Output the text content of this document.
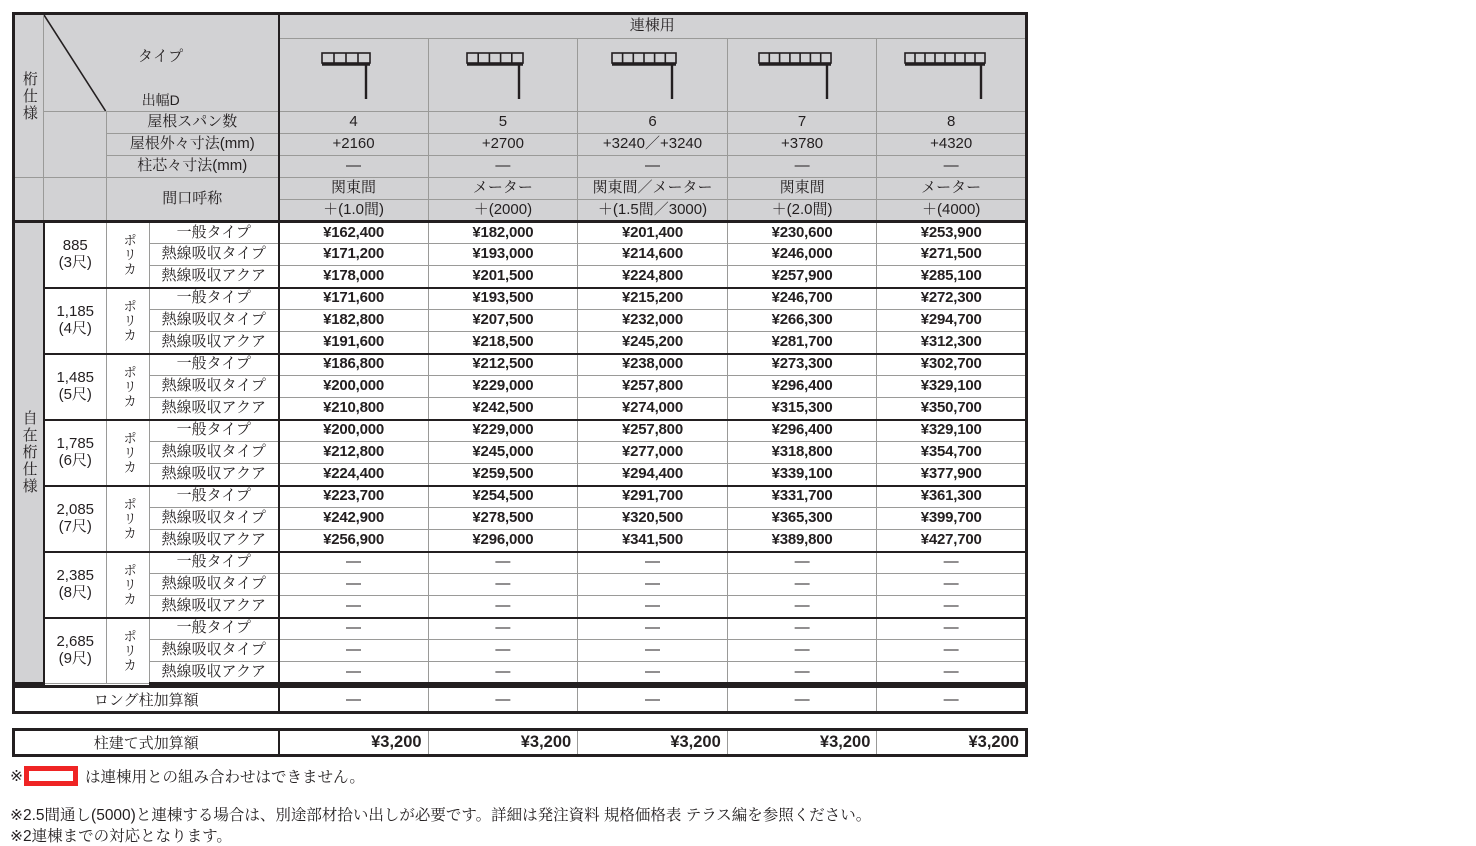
桁仕様	タイプ
出幅D			連棟用				

		屋根スパン数		4	5	6	7	8
		屋根外々寸法(mm)		+2160	+2700	+3240／+3240	+3780	+4320
		柱芯々寸法(mm)		—	—	—	—	—
		間口呼称		関東間	メーター	関東間／メーター	関東間	メーター
				＋(1.0間)	＋(2000)	＋(1.5間／3000)	＋(2.0間)	＋(4000)

自在桁仕様	885
(3尺)	ポリカ	一般タイプ	¥162,400	¥182,000	¥201,400	¥230,600	¥253,900
			熱線吸収タイプ	¥171,200	¥193,000	¥214,600	¥246,000	¥271,500
			熱線吸収アクア	¥178,000	¥201,500	¥224,800	¥257,900	¥285,100

	1,185
(4尺)	ポリカ	一般タイプ	¥171,600	¥193,500	¥215,200	¥246,700	¥272,300
			熱線吸収タイプ	¥182,800	¥207,500	¥232,000	¥266,300	¥294,700
			熱線吸収アクア	¥191,600	¥218,500	¥245,200	¥281,700	¥312,300

	1,485
(5尺)	ポリカ	一般タイプ	¥186,800	¥212,500	¥238,000	¥273,300	¥302,700
			熱線吸収タイプ	¥200,000	¥229,000	¥257,800	¥296,400	¥329,100
			熱線吸収アクア	¥210,800	¥242,500	¥274,000	¥315,300	¥350,700

	1,785
(6尺)	ポリカ	一般タイプ	¥200,000	¥229,000	¥257,800	¥296,400	¥329,100
			熱線吸収タイプ	¥212,800	¥245,000	¥277,000	¥318,800	¥354,700
			熱線吸収アクア	¥224,400	¥259,500	¥294,400	¥339,100	¥377,900

	2,085
(7尺)	ポリカ	一般タイプ	¥223,700	¥254,500	¥291,700	¥331,700	¥361,300
			熱線吸収タイプ	¥242,900	¥278,500	¥320,500	¥365,300	¥399,700
			熱線吸収アクア	¥256,900	¥296,000	¥341,500	¥389,800	¥427,700

	2,385
(8尺)	ポリカ	一般タイプ	—	—	—	—	—
			熱線吸収タイプ	—	—	—	—	—
			熱線吸収アクア	—	—	—	—	—

	2,685
(9尺)	ポリカ	一般タイプ	—	—	—	—	—
			熱線吸収タイプ	—	—	—	—	—
			熱線吸収アクア	—	—	—	—	—
ロング柱加算額	—	—	—	—	—
柱建て式加算額	¥3,200	¥3,200	¥3,200	¥3,200	¥3,200
※	は連棟用との組み合わせはできません。
※2.5間通し(5000)と連棟する場合は、別途部材拾い出しが必要です。詳細は発注資料 規格価格表 テラス編を参照ください。
※2連棟までの対応となります。
